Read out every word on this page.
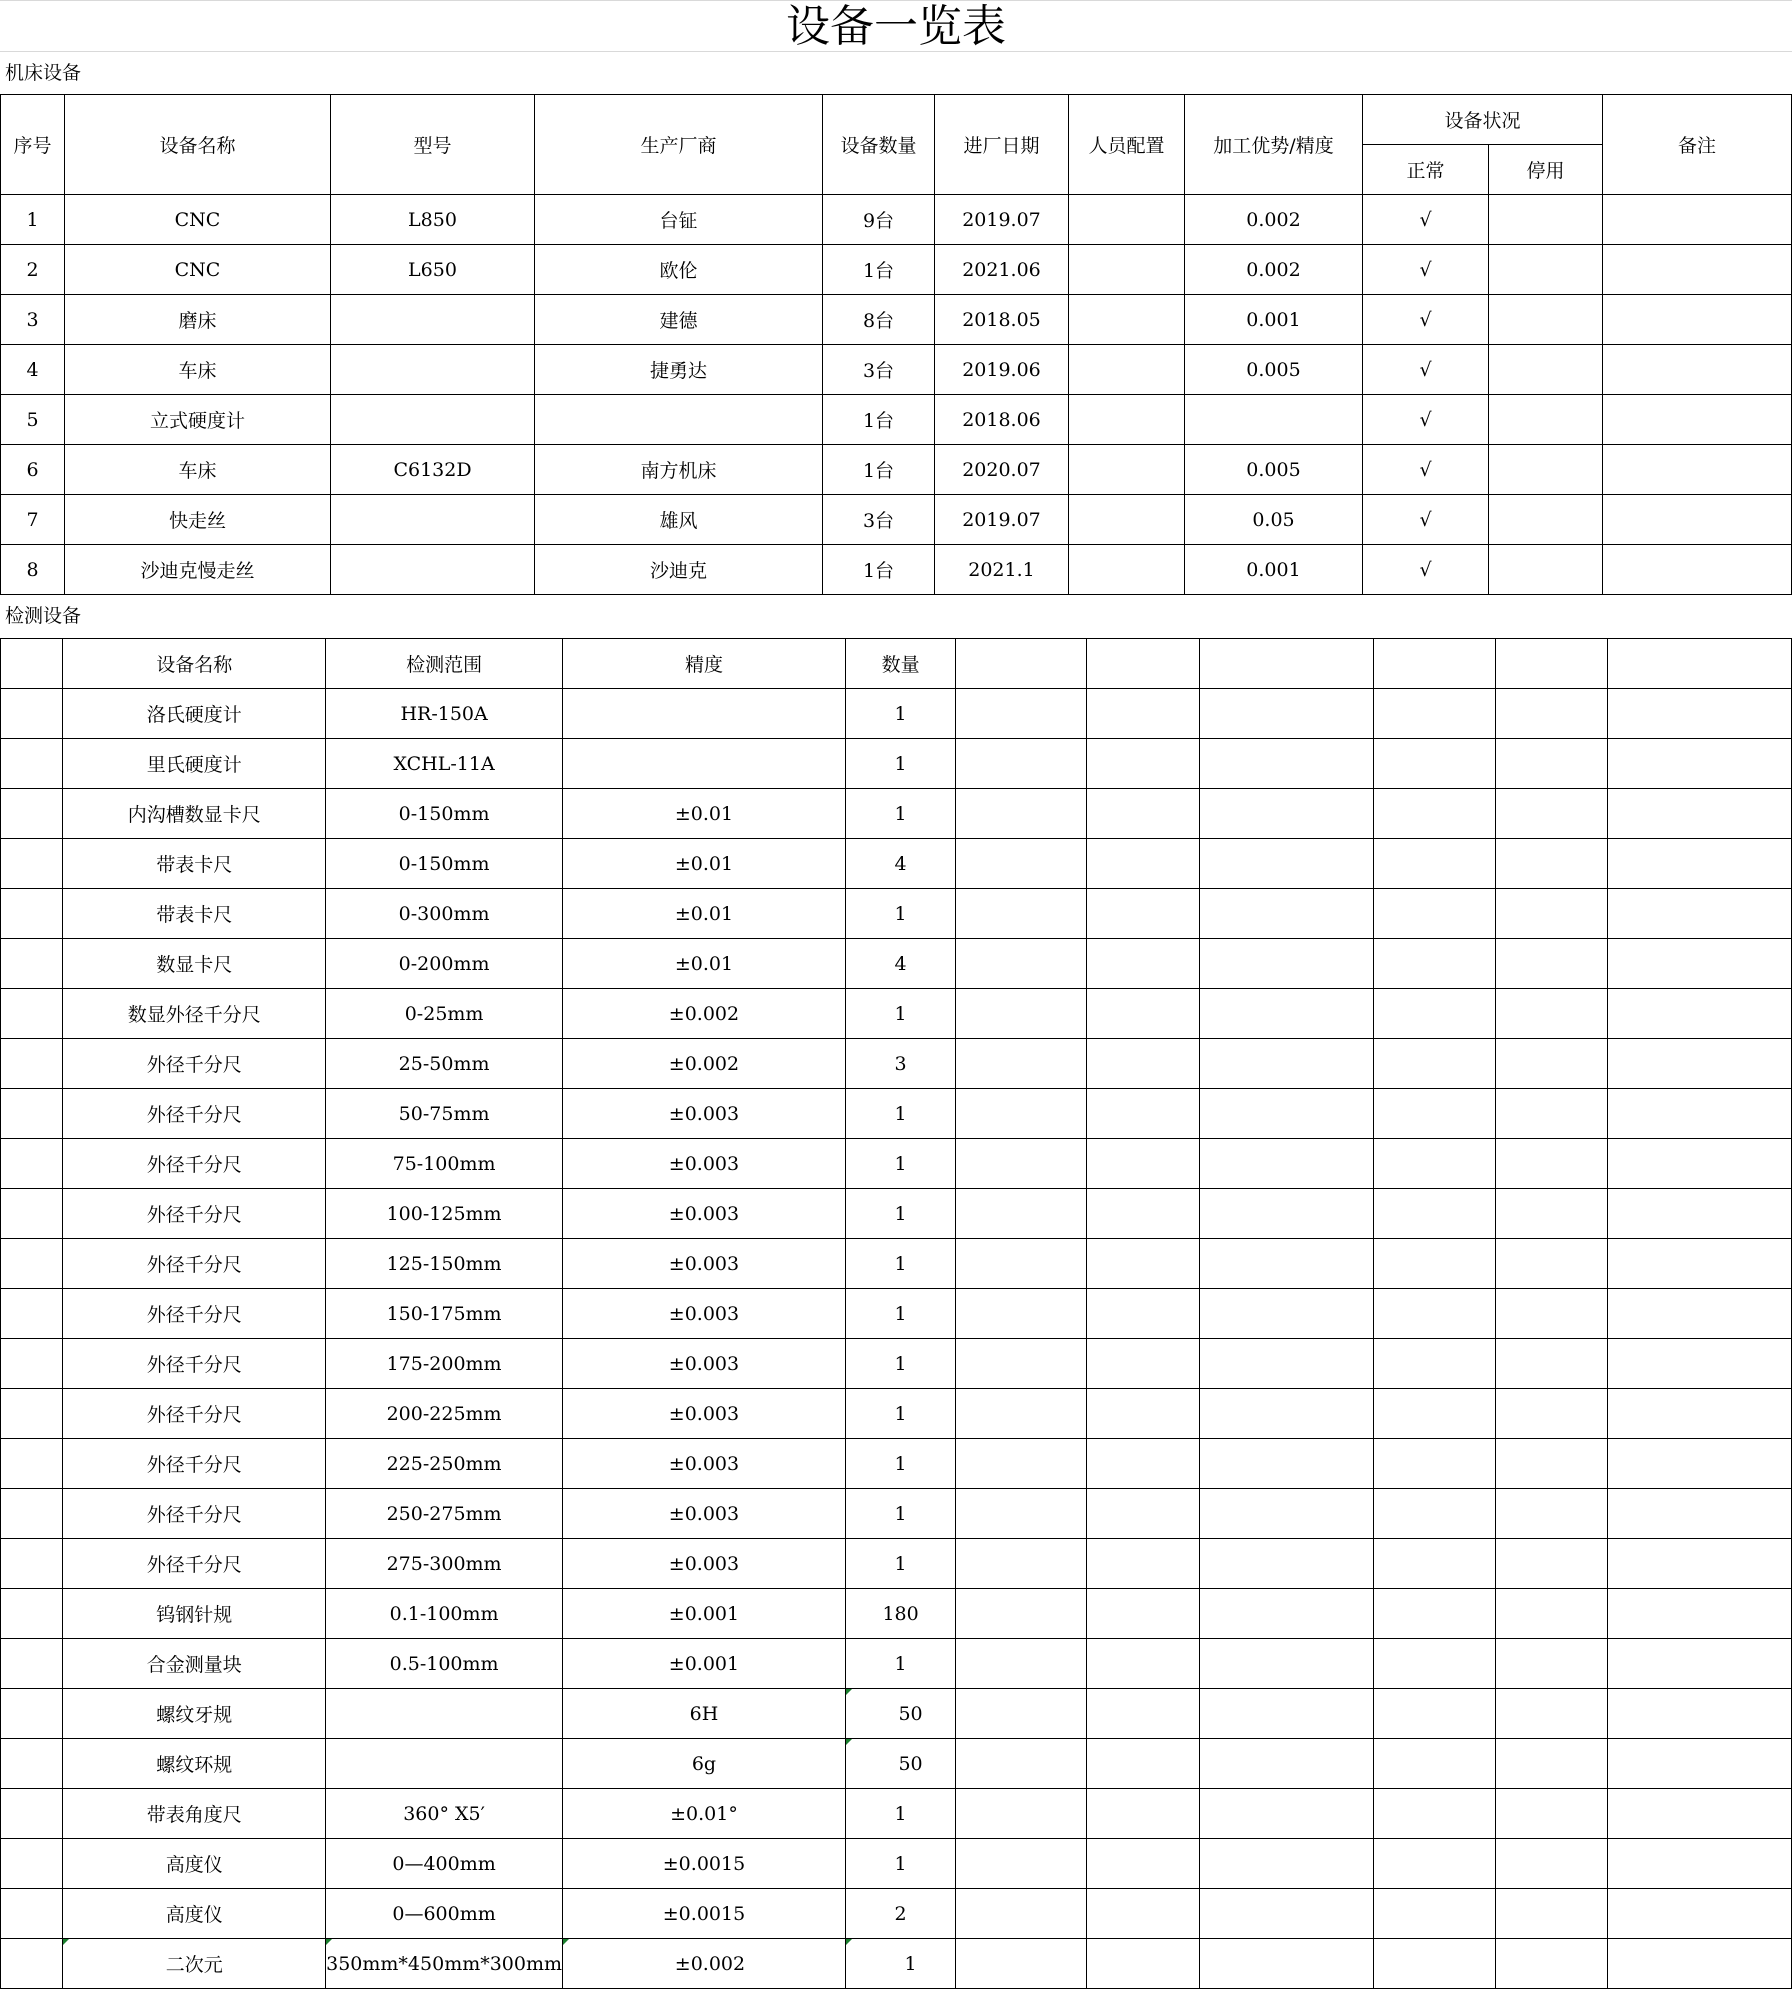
设备一览表
机床设备
序号	设备名称	型号	生产厂商	设备数量	进厂日期	人员配置	加工优势/精度	设备状况		备注
								正常	停用	
1	CNC	L850	台钲	9台	2019.07		0.002	√		
2	CNC	L650	欧伦	1台	2021.06		0.002	√		
3	磨床		建德	8台	2018.05		0.001	√		
4	车床		捷勇达	3台	2019.06		0.005	√		
5	立式硬度计			1台	2018.06			√		
6	车床	C6132D	南方机床	1台	2020.07		0.005	√		
7	快走丝		雄风	3台	2019.07		0.05	√		
8	沙迪克慢走丝		沙迪克	1台	2021.1		0.001	√		
检测设备
	设备名称	检测范围	精度	数量						
	洛氏硬度计	HR-150A		1						
	里氏硬度计	XCHL-11A		1						
	内沟槽数显卡尺	0-150mm	±0.01	1						
	带表卡尺	0-150mm	±0.01	4						
	带表卡尺	0-300mm	±0.01	1						
	数显卡尺	0-200mm	±0.01	4						
	数显外径千分尺	0-25mm	±0.002	1						
	外径千分尺	25-50mm	±0.002	3						
	外径千分尺	50-75mm	±0.003	1						
	外径千分尺	75-100mm	±0.003	1						
	外径千分尺	100-125mm	±0.003	1						
	外径千分尺	125-150mm	±0.003	1						
	外径千分尺	150-175mm	±0.003	1						
	外径千分尺	175-200mm	±0.003	1						
	外径千分尺	200-225mm	±0.003	1						
	外径千分尺	225-250mm	±0.003	1						
	外径千分尺	250-275mm	±0.003	1						
	外径千分尺	275-300mm	±0.003	1						
	钨钢针规	0.1-100mm	±0.001	180						
	合金测量块	0.5-100mm	±0.001	1						
	螺纹牙规		6H	50						
	螺纹环规		6g	50						
	带表角度尺	360° X5′	±0.01°	1						
	高度仪	0—400mm	±0.0015	1						
	高度仪	0—600mm	±0.0015	2						
	二次元	350mm*450mm*300mm	±0.002	1						
